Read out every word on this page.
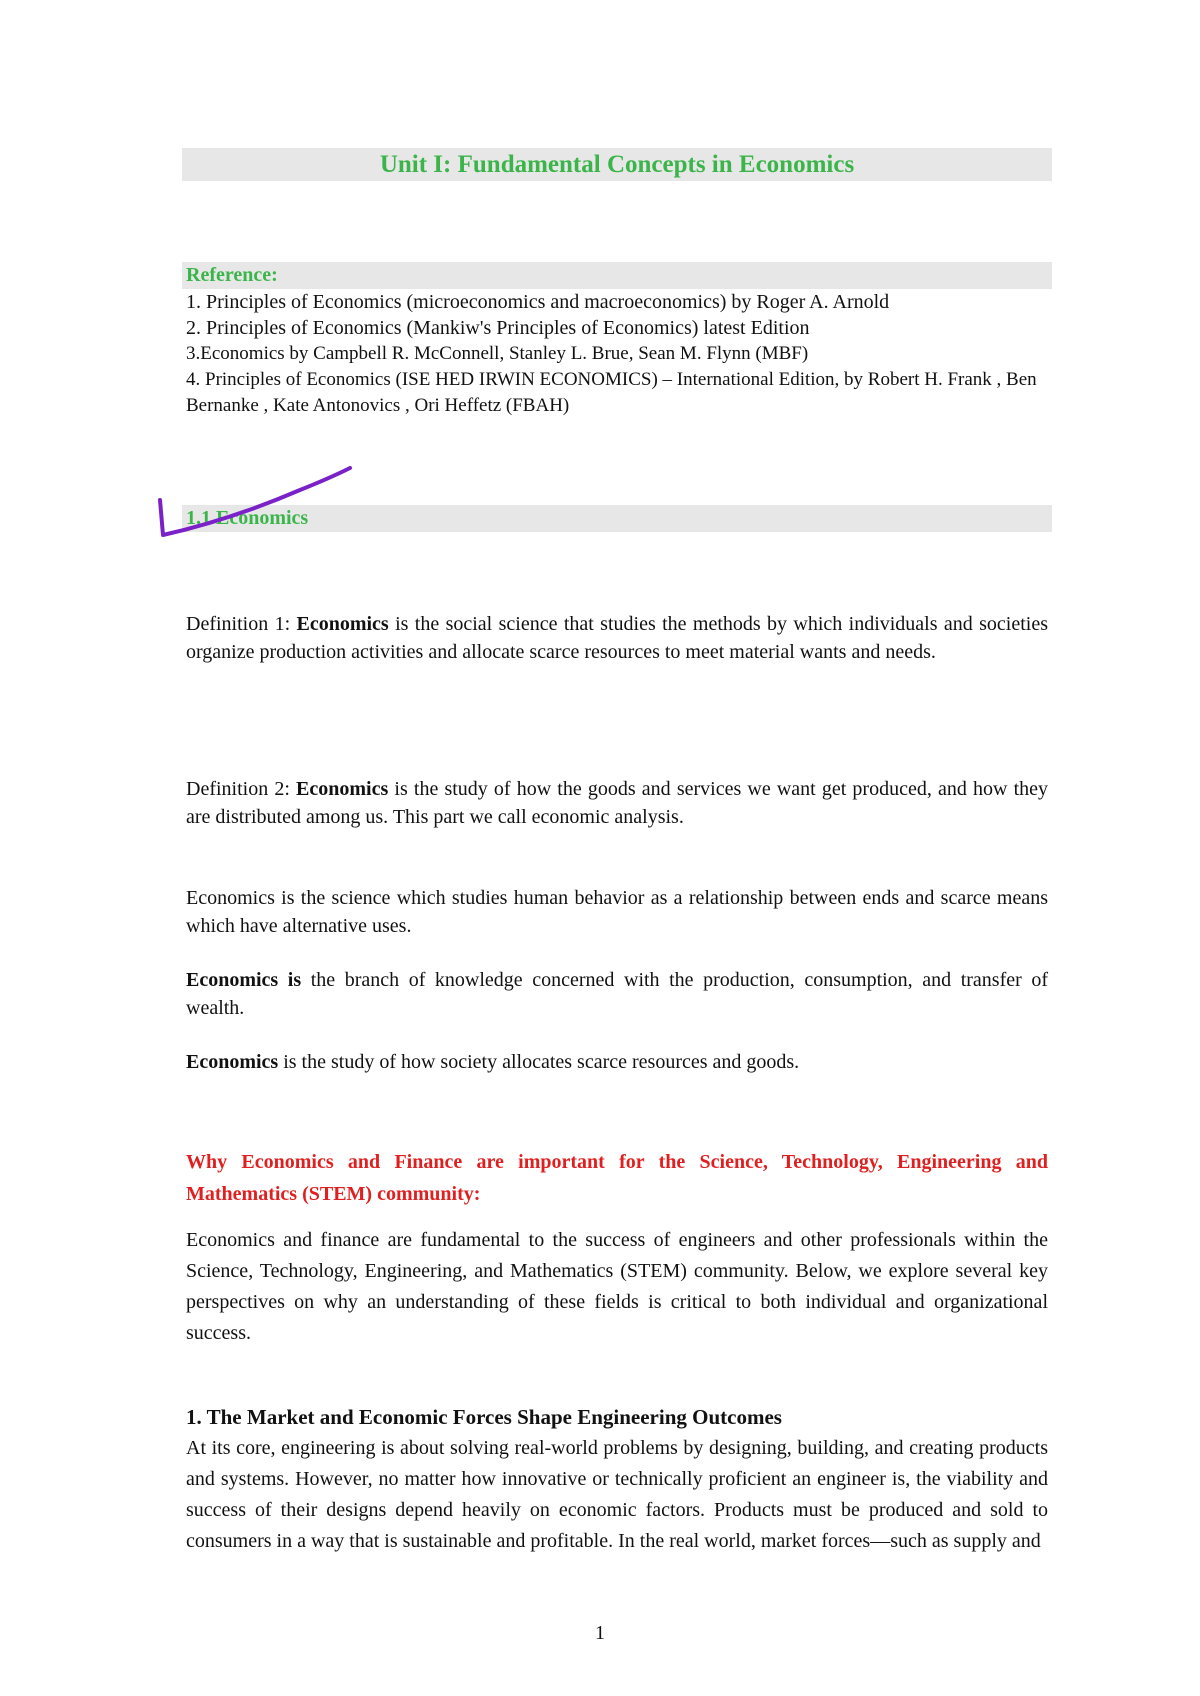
Unit I: Fundamental Concepts in Economics
Reference:
1. Principles of Economics (microeconomics and macroeconomics) by Roger A. Arnold
2. Principles of Economics (Mankiw's Principles of Economics) latest Edition
3.Economics by Campbell R. McConnell, Stanley L. Brue, Sean M. Flynn (MBF)
4. Principles of Economics (ISE HED IRWIN ECONOMICS) – International Edition, by Robert H. Frank , Ben Bernanke , Kate Antonovics , Ori Heffetz (FBAH)
1.1 Economics
Definition 1: Economics is the social science that studies the methods by which individuals and societies organize production activities and allocate scarce resources to meet material wants and needs.
Definition 2: Economics is the study of how the goods and services we want get produced, and how they are distributed among us. This part we call economic analysis.
Economics is the science which studies human behavior as a relationship between ends and scarce means which have alternative uses.
Economics is the branch of knowledge concerned with the production, consumption, and transfer of wealth.
Economics is the study of how society allocates scarce resources and goods.
Why Economics and Finance are important for the Science, Technology, Engineering and Mathematics (STEM) community:
Economics and finance are fundamental to the success of engineers and other professionals within the Science, Technology, Engineering, and Mathematics (STEM) community. Below, we explore several key perspectives on why an understanding of these fields is critical to both individual and organizational success.
1. The Market and Economic Forces Shape Engineering Outcomes
At its core, engineering is about solving real-world problems by designing, building, and creating products and systems. However, no matter how innovative or technically proficient an engineer is, the viability and success of their designs depend heavily on economic factors. Products must be produced and sold to consumers in a way that is sustainable and profitable. In the real world, market forces—such as supply and
1
